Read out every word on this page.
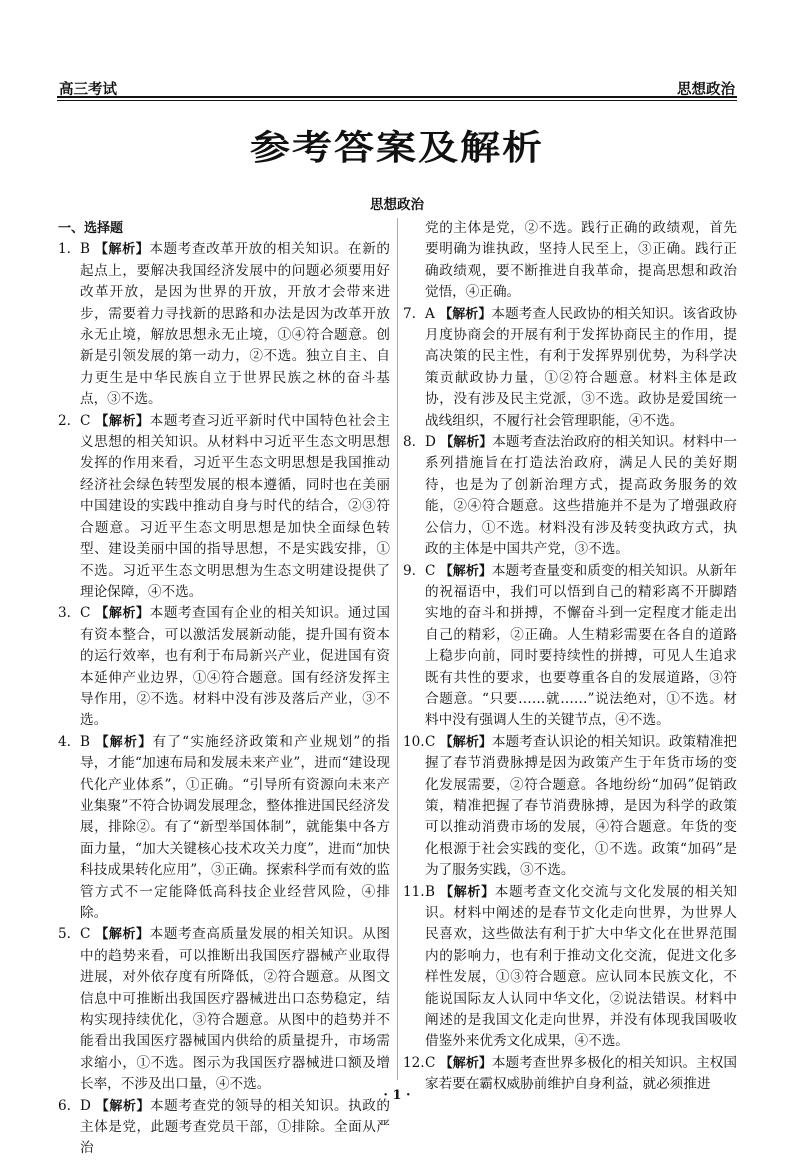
高三考试	思想政治
参考答案及解析
思想政治
一、选择题
1. B 【解析】本题考查改革开放的相关知识。在新的起点上，要解决我国经济发展中的问题必须要用好改革开放，是因为世界的开放，开放才会带来进步，需要着力寻找新的思路和办法是因为改革开放永无止境，解放思想永无止境，①④符合题意。创新是引领发展的第一动力，②不选。独立自主、自力更生是中华民族自立于世界民族之林的奋斗基点，③不选。
2. C 【解析】本题考查习近平新时代中国特色社会主义思想的相关知识。从材料中习近平生态文明思想发挥的作用来看，习近平生态文明思想是我国推动经济社会绿色转型发展的根本遵循，同时也在美丽中国建设的实践中推动自身与时代的结合，②③符合题意。习近平生态文明思想是加快全面绿色转型、建设美丽中国的指导思想，不是实践安排，①不选。习近平生态文明思想为生态文明建设提供了理论保障，④不选。
3. C 【解析】本题考查国有企业的相关知识。通过国有资本整合，可以激活发展新动能，提升国有资本的运行效率，也有利于布局新兴产业，促进国有资本延伸产业边界，①④符合题意。国有经济发挥主导作用，②不选。材料中没有涉及落后产业，③不选。
4. B 【解析】有了“实施经济政策和产业规划”的指导，才能“加速布局和发展未来产业”，进而“建设现代化产业体系”，①正确。“引导所有资源向未来产业集聚”不符合协调发展理念，整体推进国民经济发展，排除②。有了“新型举国体制”，就能集中各方面力量，“加大关键核心技术攻关力度”，进而“加快科技成果转化应用”，③正确。探索科学而有效的监管方式不一定能降低高科技企业经营风险，④排除。
5. C 【解析】本题考查高质量发展的相关知识。从图中的趋势来看，可以推断出我国医疗器械产业取得进展，对外依存度有所降低，②符合题意。从图文信息中可推断出我国医疗器械进出口态势稳定，结构实现持续优化，③符合题意。从图中的趋势并不能看出我国医疗器械国内供给的质量提升，市场需求缩小，①不选。图示为我国医疗器械进口额及增长率，不涉及出口量，④不选。
6. D 【解析】本题考查党的领导的相关知识。执政的主体是党，此题考查党员干部，①排除。全面从严治
党的主体是党，②不选。践行正确的政绩观，首先要明确为谁执政，坚持人民至上，③正确。践行正确政绩观，要不断推进自我革命，提高思想和政治觉悟，④正确。
7. A 【解析】本题考查人民政协的相关知识。该省政协月度协商会的开展有利于发挥协商民主的作用，提高决策的民主性，有利于发挥界别优势，为科学决策贡献政协力量，①②符合题意。材料主体是政协，没有涉及民主党派，③不选。政协是爱国统一战线组织，不履行社会管理职能，④不选。
8. D 【解析】本题考查法治政府的相关知识。材料中一系列措施旨在打造法治政府，满足人民的美好期待，也是为了创新治理方式，提高政务服务的效能，②④符合题意。这些措施并不是为了增强政府公信力，①不选。材料没有涉及转变执政方式，执政的主体是中国共产党，③不选。
9. C 【解析】本题考查量变和质变的相关知识。从新年的祝福语中，我们可以悟到自己的精彩离不开脚踏实地的奋斗和拼搏，不懈奋斗到一定程度才能走出自己的精彩，②正确。人生精彩需要在各自的道路上稳步向前，同时要持续性的拼搏，可见人生追求既有共性的要求，也要尊重各自的发展道路，③符合题意。“只要……就……”说法绝对，①不选。材料中没有强调人生的关键节点，④不选。
10. C 【解析】本题考查认识论的相关知识。政策精准把握了春节消费脉搏是因为政策产生于年货市场的变化发展需要，②符合题意。各地纷纷“加码”促销政策，精准把握了春节消费脉搏，是因为科学的政策可以推动消费市场的发展，④符合题意。年货的变化根源于社会实践的变化，①不选。政策“加码”是为了服务实践，③不选。
11. B 【解析】本题考查文化交流与文化发展的相关知识。材料中阐述的是春节文化走向世界，为世界人民喜欢，这些做法有利于扩大中华文化在世界范围内的影响力，也有利于推动文化交流，促进文化多样性发展，①③符合题意。应认同本民族文化，不能说国际友人认同中华文化，②说法错误。材料中阐述的是我国文化走向世界，并没有体现我国吸收借鉴外来优秀文化成果，④不选。
12. C 【解析】本题考查世界多极化的相关知识。主权国家若要在霸权威胁前维护自身利益，就必须推进
· 1 ·
